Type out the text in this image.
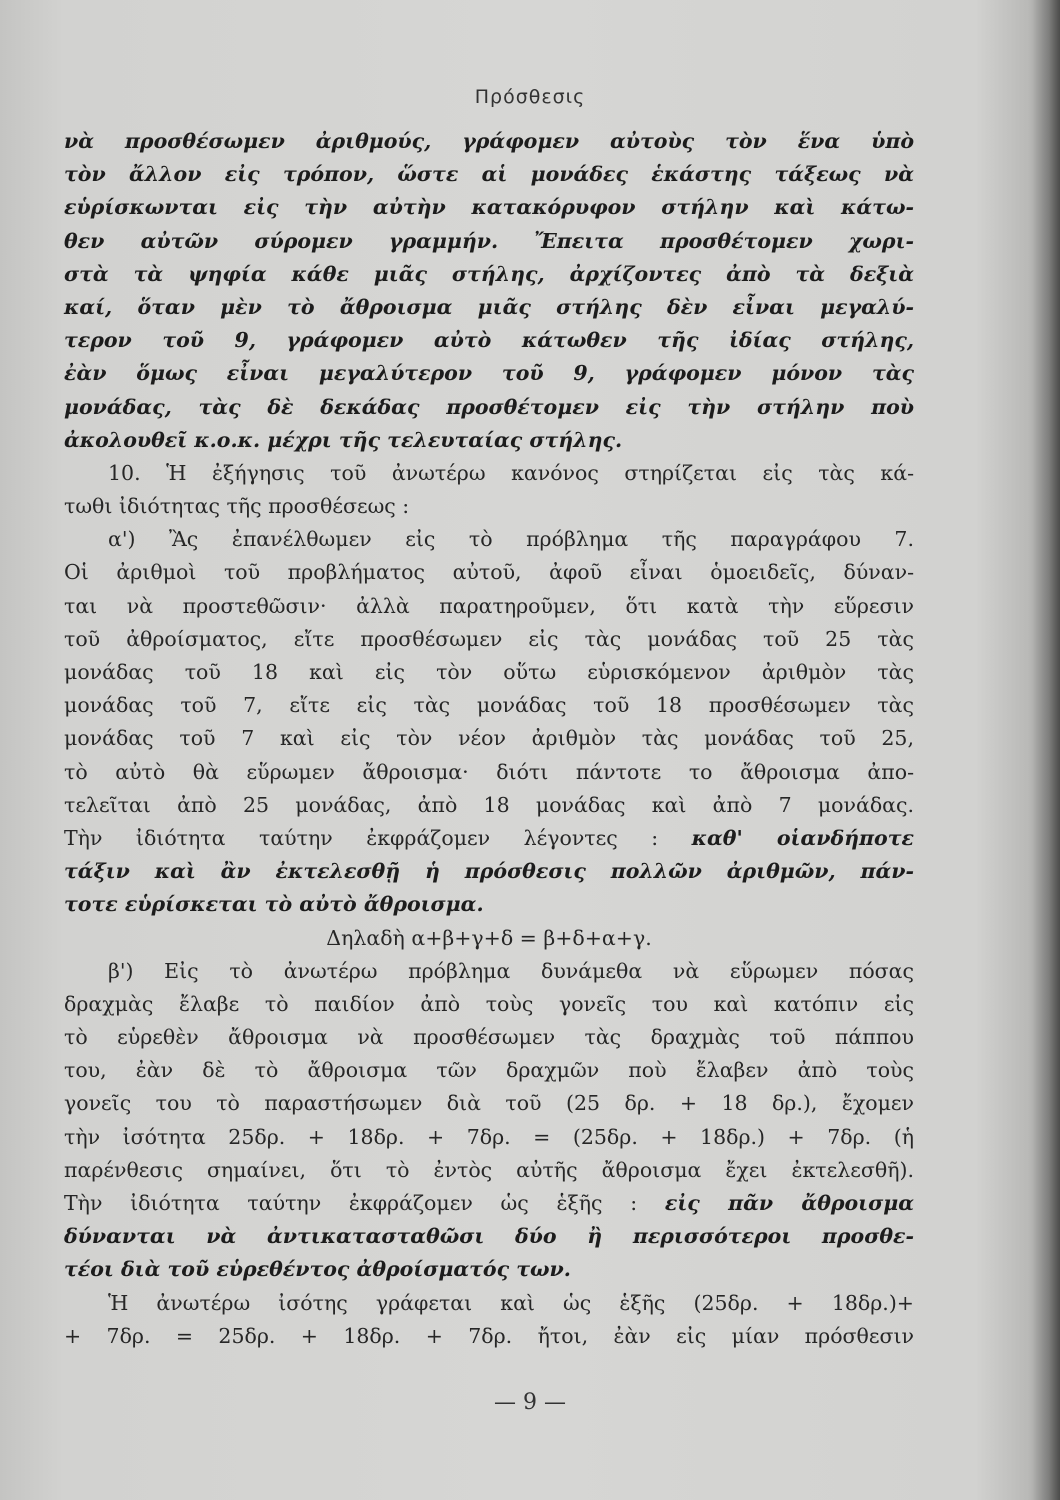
Πρόσθεσις
νὰ προσθέσωμεν ἀριθμούς, γράφομεν αὐτοὺς τὸν ἕνα ὑπὸ
τὸν ἄλλον εἰς τρόπον, ὥστε αἱ μονάδες ἑκάστης τάξεως νὰ
εὑρίσκωνται εἰς τὴν αὐτὴν κατακόρυφον στήλην καὶ κάτω-
θεν αὐτῶν σύρομεν γραμμήν. Ἔπειτα προσθέτομεν χωρι-
στὰ τὰ ψηφία κάθε μιᾶς στήλης, ἀρχίζοντες ἀπὸ τὰ δεξιὰ
καί, ὅταν μὲν τὸ ἄθροισμα μιᾶς στήλης δὲν εἶναι μεγαλύ-
τερον τοῦ 9, γράφομεν αὐτὸ κάτωθεν τῆς ἰδίας στήλης,
ἐὰν ὅμως εἶναι μεγαλύτερον τοῦ 9, γράφομεν μόνον τὰς
μονάδας, τὰς δὲ δεκάδας προσθέτομεν εἰς τὴν στήλην ποὺ
ἀκολουθεῖ κ.ο.κ. μέχρι τῆς τελευταίας στήλης.
10. Ἡ ἐξήγησις τοῦ ἀνωτέρω κανόνος στηρίζεται εἰς τὰς κά-
τωθι ἰδιότητας τῆς προσθέσεως :
α') Ἂς ἐπανέλθωμεν εἰς τὸ πρόβλημα τῆς παραγράφου 7.
Οἱ ἀριθμοὶ τοῦ προβλήματος αὐτοῦ, ἀφοῦ εἶναι ὁμοειδεῖς, δύναν-
ται νὰ προστεθῶσιν· ἀλλὰ παρατηροῦμεν, ὅτι κατὰ τὴν εὕρεσιν
τοῦ ἀθροίσματος, εἴτε προσθέσωμεν εἰς τὰς μονάδας τοῦ 25 τὰς
μονάδας τοῦ 18 καὶ εἰς τὸν οὕτω εὑρισκόμενον ἀριθμὸν τὰς
μονάδας τοῦ 7, εἴτε εἰς τὰς μονάδας τοῦ 18 προσθέσωμεν τὰς
μονάδας τοῦ 7 καὶ εἰς τὸν νέον ἀριθμὸν τὰς μονάδας τοῦ 25,
τὸ αὐτὸ θὰ εὕρωμεν ἄθροισμα· διότι πάντοτε το ἄθροισμα ἀπο-
τελεῖται ἀπὸ 25 μονάδας, ἀπὸ 18 μονάδας καὶ ἀπὸ 7 μονάδας.
Τὴν ἰδιότητα ταύτην ἐκφράζομεν λέγοντες : καθ' οἱανδήποτε
τάξιν καὶ ἂν ἐκτελεσθῇ ἡ πρόσθεσις πολλῶν ἀριθμῶν, πάν-
τοτε εὑρίσκεται τὸ αὐτὸ ἄθροισμα.
Δηλαδὴ α+β+γ+δ = β+δ+α+γ.
β') Εἰς τὸ ἀνωτέρω πρόβλημα δυνάμεθα νὰ εὕρωμεν πόσας
δραχμὰς ἔλαβε τὸ παιδίον ἀπὸ τοὺς γονεῖς του καὶ κατόπιν εἰς
τὸ εὑρεθὲν ἄθροισμα νὰ προσθέσωμεν τὰς δραχμὰς τοῦ πάππου
του, ἐὰν δὲ τὸ ἄθροισμα τῶν δραχμῶν ποὺ ἔλαβεν ἀπὸ τοὺς
γονεῖς του τὸ παραστήσωμεν διὰ τοῦ (25 δρ. + 18 δρ.), ἔχομεν
τὴν ἰσότητα 25δρ. + 18δρ. + 7δρ. = (25δρ. + 18δρ.) + 7δρ. (ἡ
παρένθεσις σημαίνει, ὅτι τὸ ἐντὸς αὐτῆς ἄθροισμα ἔχει ἐκτελεσθῆ).
Τὴν ἰδιότητα ταύτην ἐκφράζομεν ὡς ἑξῆς : εἰς πᾶν ἄθροισμα
δύνανται νὰ ἀντικατασταθῶσι δύο ἢ περισσότεροι προσθε-
τέοι διὰ τοῦ εὑρεθέντος ἀθροίσματός των.
Ἡ ἀνωτέρω ἰσότης γράφεται καὶ ὡς ἑξῆς (25δρ. + 18δρ.)+
+ 7δρ. = 25δρ. + 18δρ. + 7δρ. ἤτοι, ἐὰν εἰς μίαν πρόσθεσιν
— 9 —
